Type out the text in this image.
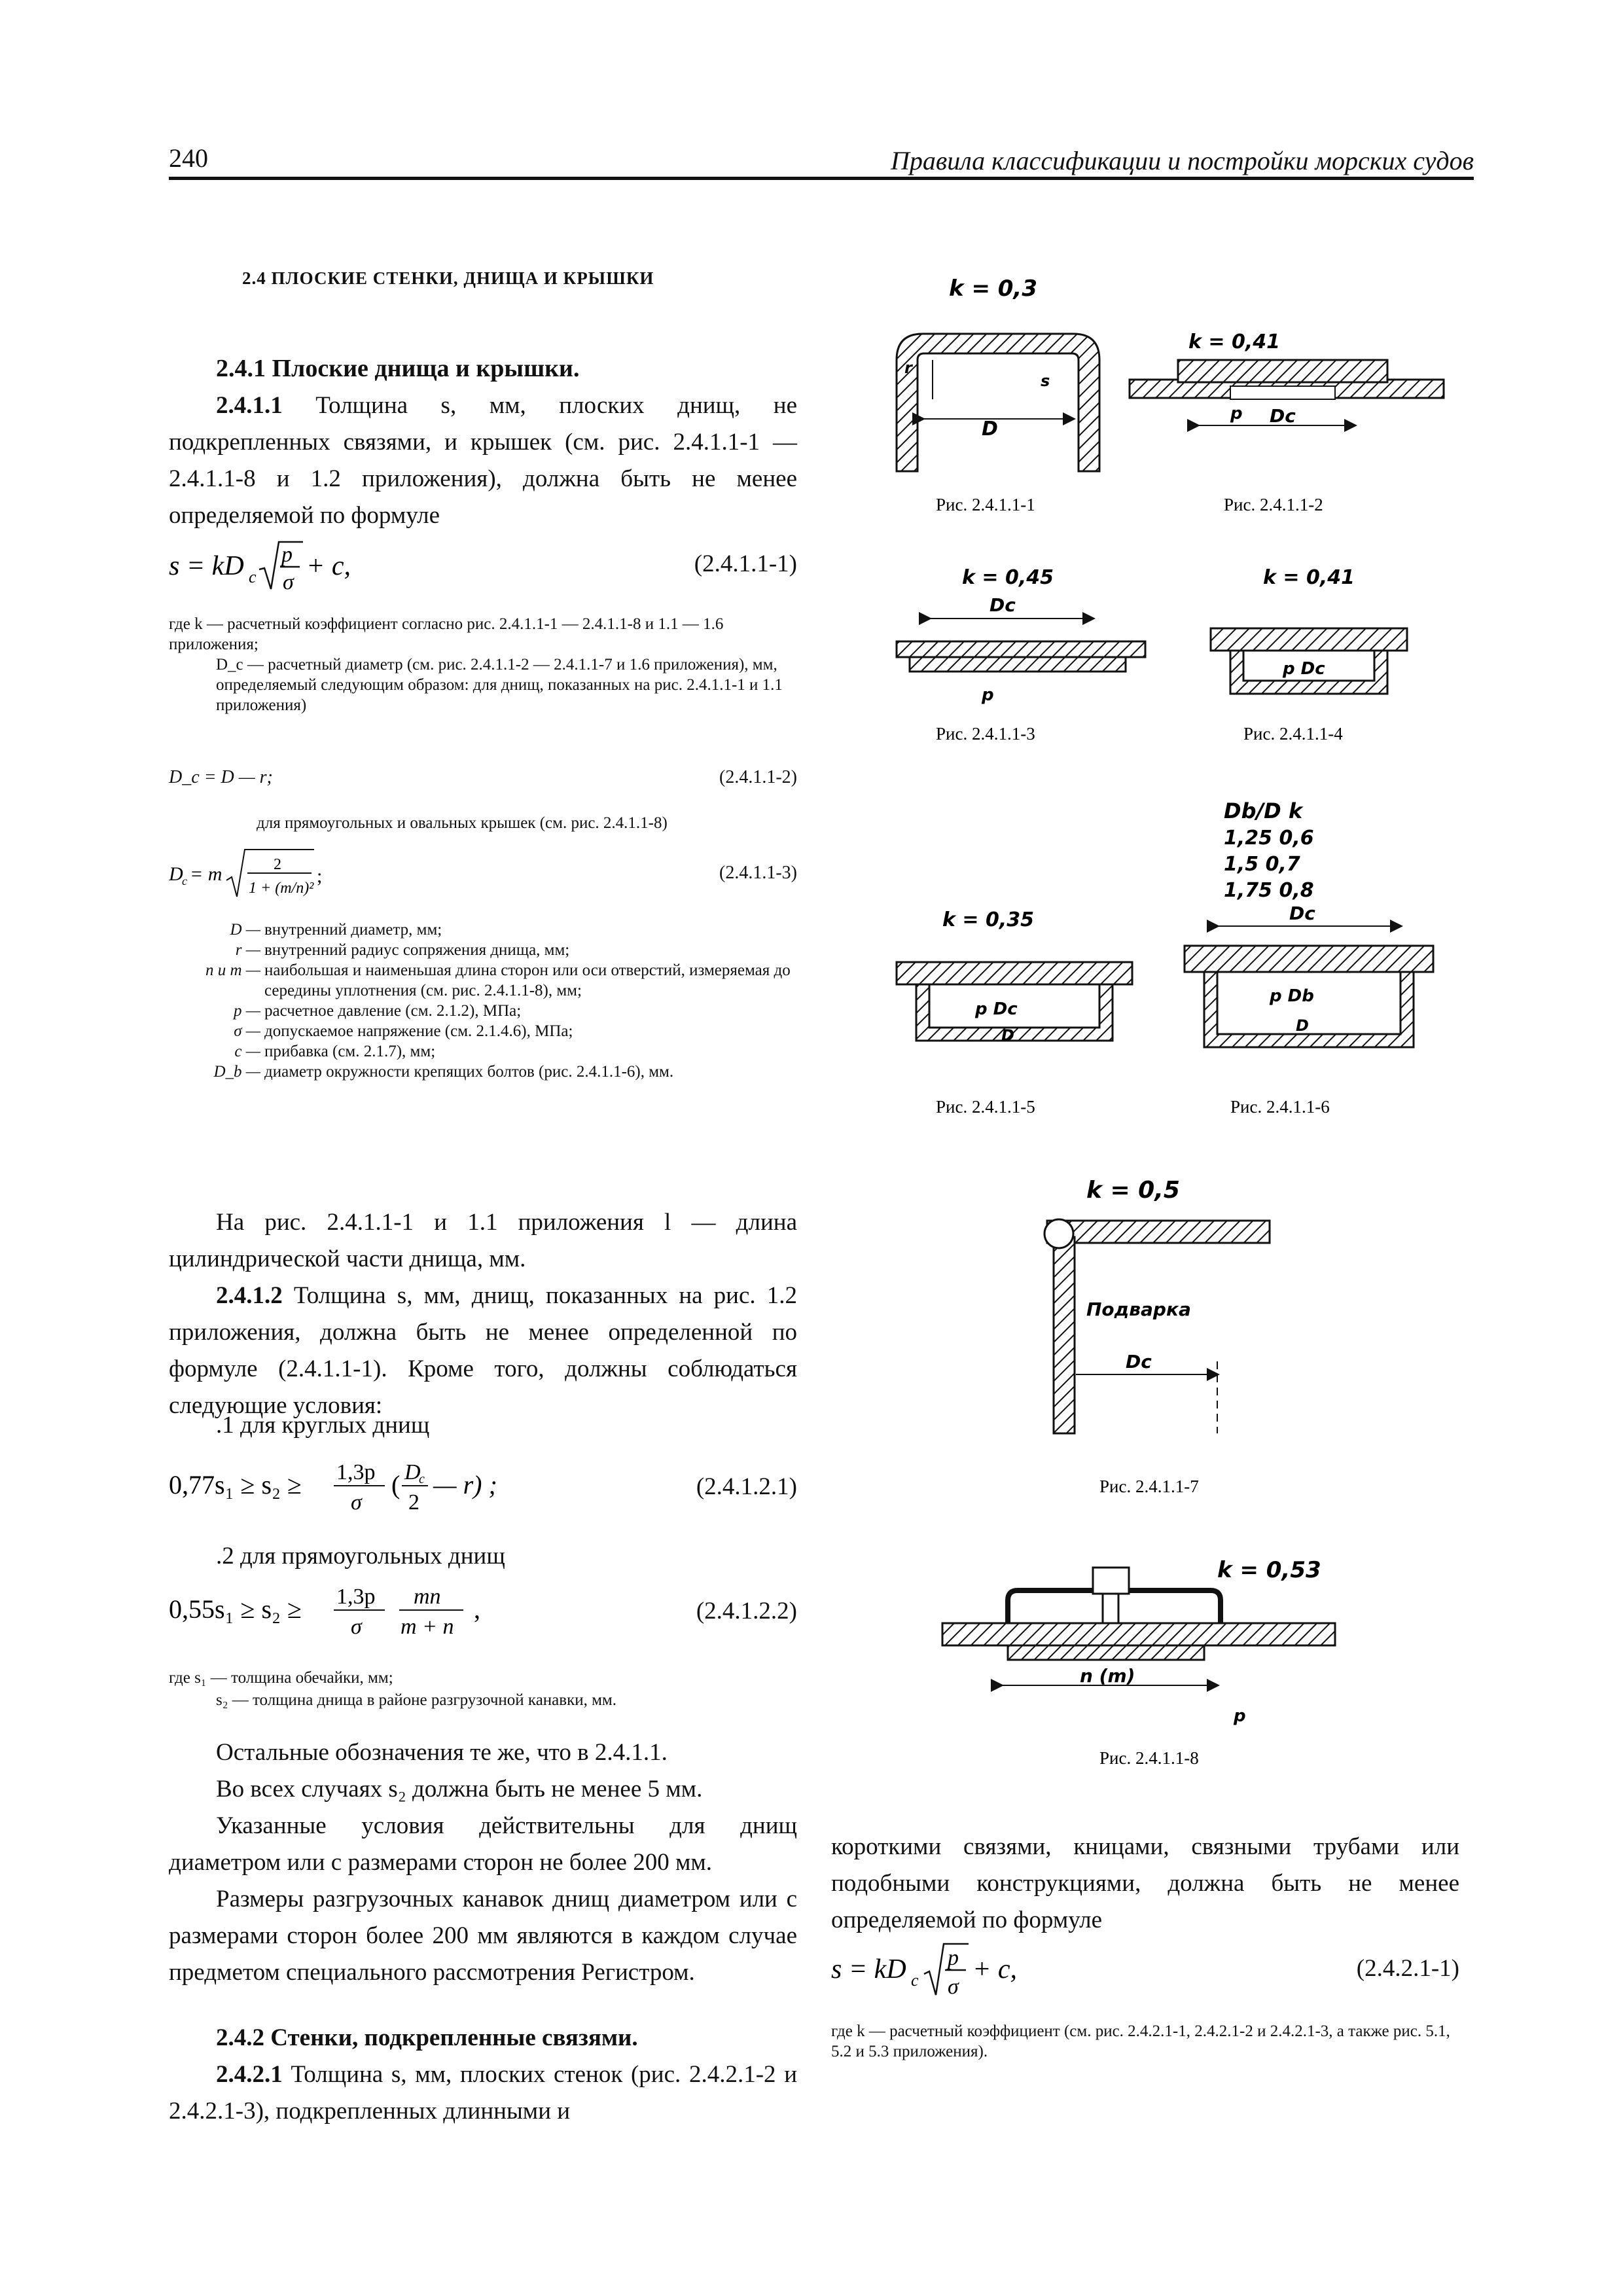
240	Правила классификации и постройки морских судов
2.4 ПЛОСКИЕ СТЕНКИ, ДНИЩА И КРЫШКИ
2.4.1 Плоские днища и крышки.
2.4.1.1 Толщина s, мм, плоских днищ, не подкрепленных связями, и крышек (см. рис. 2.4.1.1-1 — 2.4.1.1-8 и 1.2 приложения), должна быть не менее определяемой по формуле
s = kD c
p
σ
+ c,	(2.4.1.1-1)
где k — расчетный коэффициент согласно рис. 2.4.1.1-1 — 2.4.1.1-8 и 1.1 — 1.6 приложения;
D_c — расчетный диаметр (см. рис. 2.4.1.1-2 — 2.4.1.1-7 и 1.6 приложения), мм, определяемый следующим образом: для днищ, показанных на рис. 2.4.1.1-1 и 1.1 приложения)
D_c = D — r;	(2.4.1.1-2)
для прямоугольных и овальных крышек (см. рис. 2.4.1.1-8)
D
c = m	2
1 + (m/n)²
;	(2.4.1.1-3)
D —	внутренний диаметр, мм;
r —	внутренний радиус сопряжения днища, мм;
n и m —	наибольшая и наименьшая длина сторон или оси отверстий, измеряемая до середины уплотнения (см. рис. 2.4.1.1-8), мм;
p —	расчетное давление (см. 2.1.2), МПа;
σ —	допускаемое напряжение (см. 2.1.4.6), МПа;
c —	прибавка (см. 2.1.7), мм;
D_b —	диаметр окружности крепящих болтов (рис. 2.4.1.1-6), мм.
На рис. 2.4.1.1-1 и 1.1 приложения l — длина цилиндрической части днища, мм.
2.4.1.2 Толщина s, мм, днищ, показанных на рис. 1.2 приложения, должна быть не менее определенной по формуле (2.4.1.1-1). Кроме того, должны соблюдаться следующие условия:
.1 для круглых днищ
0,77s₁ ≥ s₂ ≥ 1,3p
σ
( D
c
2
— r) ;	(2.4.1.2.1)
.2 для прямоугольных днищ
0,55s₁ ≥ s₂ ≥ 1,3p
σ
mn
m + n
,	(2.4.1.2.2)
где s₁ — толщина обечайки, мм;
s₂ — толщина днища в районе разгрузочной канавки, мм.
Остальные обозначения те же, что в 2.4.1.1.
Во всех случаях s₂ должна быть не менее 5 мм.
Указанные условия действительны для днищ диаметром или с размерами сторон не более 200 мм.
Размеры разгрузочных канавок днищ диаметром или с размерами сторон более 200 мм являются в каждом случае предметом специального рассмотрения Регистром.
2.4.2 Стенки, подкрепленные связями.
2.4.2.1 Толщина s, мм, плоских стенок (рис. 2.4.2.1-2 и 2.4.2.1-3), подкрепленных длинными и
короткими связями, кницами, связными трубами или подобными конструкциями, должна быть не менее определяемой по формуле
s = kD c
p
σ
+ c,	(2.4.2.1-1)
где k — расчетный коэффициент (см. рис. 2.4.2.1-1, 2.4.2.1-2 и 2.4.2.1-3, а также рис. 5.1, 5.2 и 5.3 приложения).
k = 0,3
D
r
s
Рис. 2.4.1.1-1
k = 0,41
Dc
p
Рис. 2.4.1.1-2
k = 0,45
Dc
p
Рис. 2.4.1.1-3
k = 0,41
p Dc
Рис. 2.4.1.1-4
Db/D k
1,25 0,6
1,5 0,7
1,75 0,8
k = 0,35
p Dc
D
Рис. 2.4.1.1-5
Dc
p Db
D
Рис. 2.4.1.1-6
k = 0,5
Подварка
Dc
Рис. 2.4.1.1-7
k = 0,53
n (m)
p
Рис. 2.4.1.1-8
